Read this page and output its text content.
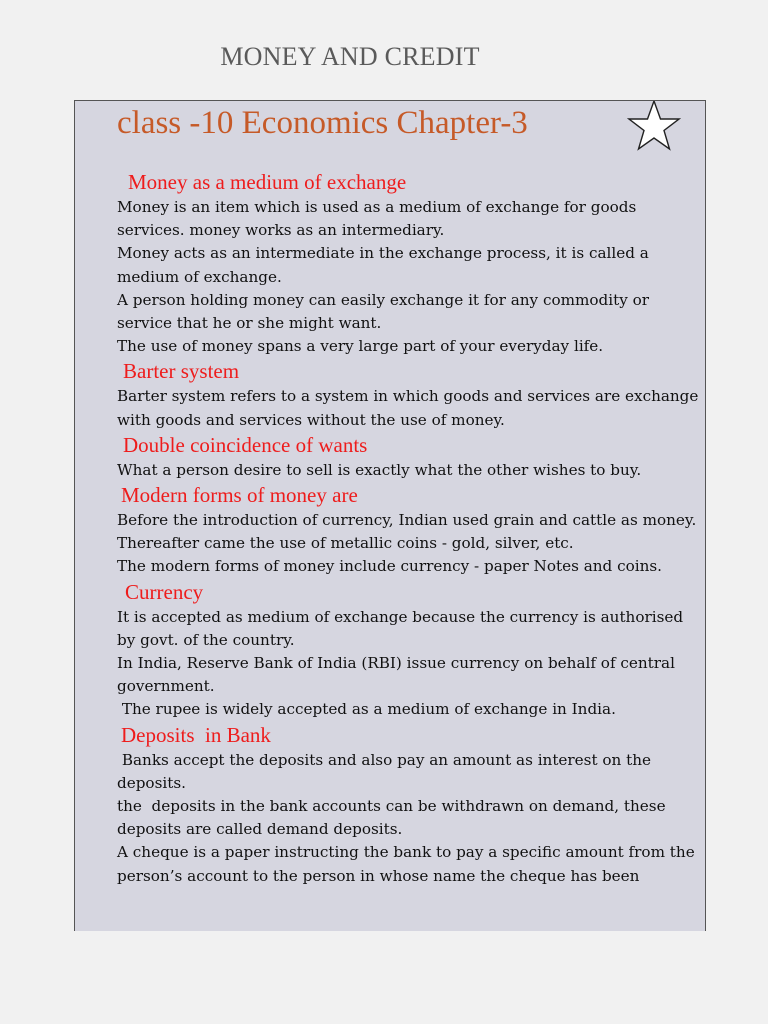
MONEY AND CREDIT
class -10 Economics Chapter-3
Money as a medium of exchange

Money is an item which is used as a medium of exchange for goods services. money works as an intermediary.

Money acts as an intermediate in the exchange process, it is called a medium of exchange.

A person holding money can easily exchange it for any commodity or service that he or she might want.

The use of money spans a very large part of your everyday life.

Barter system

Barter system refers to a system in which goods and services are exchange with goods and services without the use of money.

Double coincidence of wants

What a person desire to sell is exactly what the other wishes to buy.

Modern forms of money are

Before the introduction of currency, Indian used grain and cattle as money.

Thereafter came the use of metallic coins - gold, silver, etc.

The modern forms of money include currency - paper Notes and coins.

Currency

It is accepted as medium of exchange because the currency is authorised by govt. of the country.

In India, Reserve Bank of India (RBI) issue currency on behalf of central government.

The rupee is widely accepted as a medium of exchange in India.

Deposits  in Bank

Banks accept the deposits and also pay an amount as interest on the deposits.

the  deposits in the bank accounts can be withdrawn on demand, these deposits are called demand deposits.

A cheque is a paper instructing the bank to pay a specific amount from the person’s account to the person in whose name the cheque has been
